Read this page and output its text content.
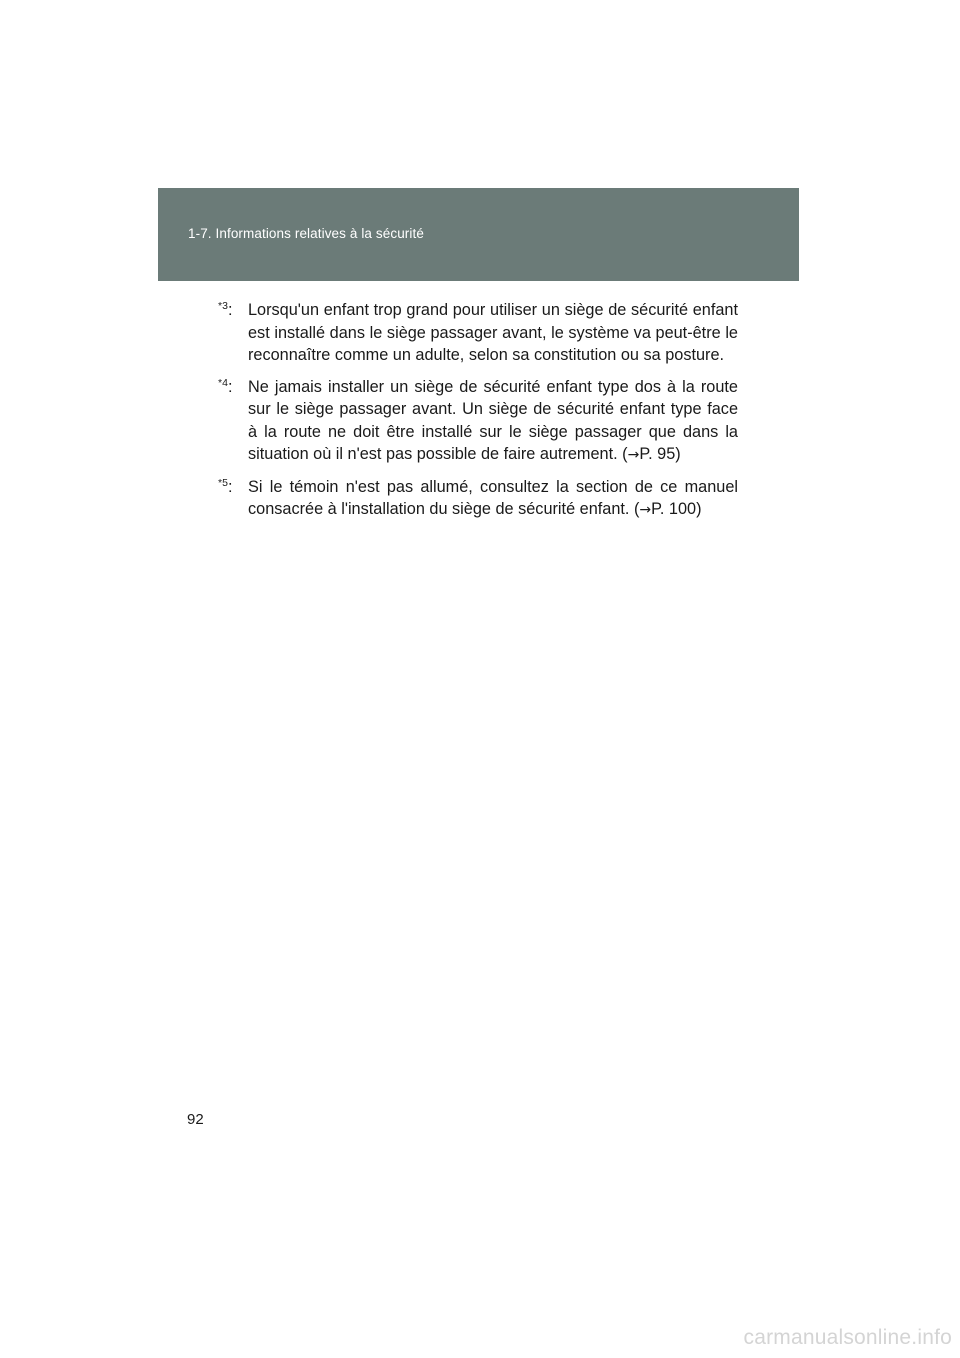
1-7. Informations relatives à la sécurité
$^{*3}$: Lorsqu'un enfant trop grand pour utiliser un siège de sécurité enfant est installé dans le siège passager avant, le système va peut-être le reconnaître comme un adulte, selon sa constitution ou sa posture.
$^{*4}$: Ne jamais installer un siège de sécurité enfant type dos à la route sur le siège passager avant. Un siège de sécurité enfant type face à la route ne doit être installé sur le siège passager que dans la situation où il n'est pas possible de faire autrement. (→P. 95)
$^{*5}$: Si le témoin n'est pas allumé, consultez la section de ce manuel consacrée à l'installation du siège de sécurité enfant. (→P. 100)
92
carmanualsonline.info
